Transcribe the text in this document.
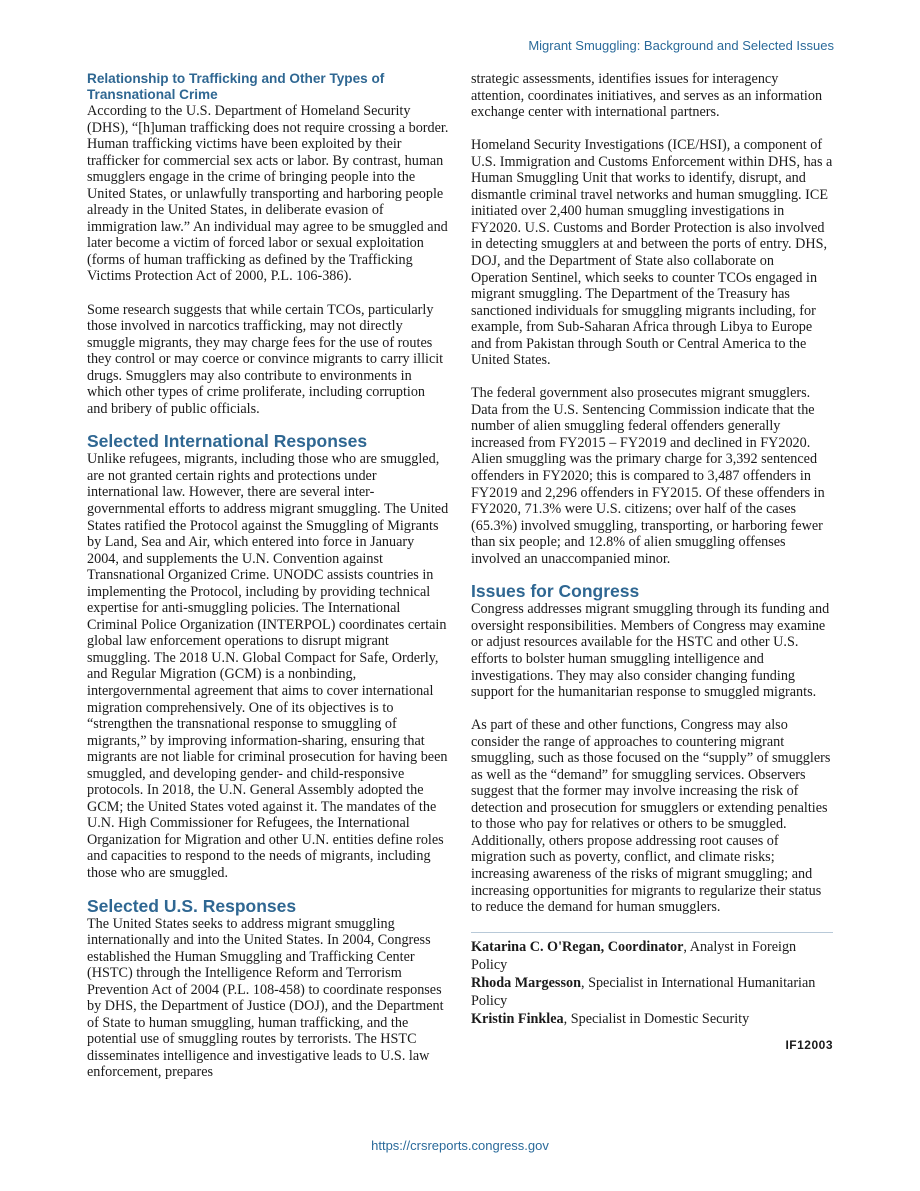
Migrant Smuggling: Background and Selected Issues
Relationship to Trafficking and Other Types of Transnational Crime

According to the U.S. Department of Homeland Security (DHS), “[h]uman trafficking does not require crossing a border. Human trafficking victims have been exploited by their trafficker for commercial sex acts or labor. By contrast, human smugglers engage in the crime of bringing people into the United States, or unlawfully transporting and harboring people already in the United States, in deliberate evasion of immigration law.” An individual may agree to be smuggled and later become a victim of forced labor or sexual exploitation (forms of human trafficking as defined by the Trafficking Victims Protection Act of 2000, P.L. 106-386).

Some research suggests that while certain TCOs, particularly those involved in narcotics trafficking, may not directly smuggle migrants, they may charge fees for the use of routes they control or may coerce or convince migrants to carry illicit drugs. Smugglers may also contribute to environments in which other types of crime proliferate, including corruption and bribery of public officials.

Selected International Responses

Unlike refugees, migrants, including those who are smuggled, are not granted certain rights and protections under international law. However, there are several inter-governmental efforts to address migrant smuggling. The United States ratified the Protocol against the Smuggling of Migrants by Land, Sea and Air, which entered into force in January 2004, and supplements the U.N. Convention against Transnational Organized Crime. UNODC assists countries in implementing the Protocol, including by providing technical expertise for anti-smuggling policies. The International Criminal Police Organization (INTERPOL) coordinates certain global law enforcement operations to disrupt migrant smuggling. The 2018 U.N. Global Compact for Safe, Orderly, and Regular Migration (GCM) is a nonbinding, intergovernmental agreement that aims to cover international migration comprehensively. One of its objectives is to “strengthen the transnational response to smuggling of migrants,” by improving information-sharing, ensuring that migrants are not liable for criminal prosecution for having been smuggled, and developing gender- and child-responsive protocols. In 2018, the U.N. General Assembly adopted the GCM; the United States voted against it. The mandates of the U.N. High Commissioner for Refugees, the International Organization for Migration and other U.N. entities define roles and capacities to respond to the needs of migrants, including those who are smuggled.

Selected U.S. Responses

The United States seeks to address migrant smuggling internationally and into the United States. In 2004, Congress established the Human Smuggling and Trafficking Center (HSTC) through the Intelligence Reform and Terrorism Prevention Act of 2004 (P.L. 108-458) to coordinate responses by DHS, the Department of Justice (DOJ), and the Department of State to human smuggling, human trafficking, and the potential use of smuggling routes by terrorists. The HSTC disseminates intelligence and investigative leads to U.S. law enforcement, prepares

strategic assessments, identifies issues for interagency attention, coordinates initiatives, and serves as an information exchange center with international partners.

Homeland Security Investigations (ICE/HSI), a component of U.S. Immigration and Customs Enforcement within DHS, has a Human Smuggling Unit that works to identify, disrupt, and dismantle criminal travel networks and human smuggling. ICE initiated over 2,400 human smuggling investigations in FY2020. U.S. Customs and Border Protection is also involved in detecting smugglers at and between the ports of entry. DHS, DOJ, and the Department of State also collaborate on Operation Sentinel, which seeks to counter TCOs engaged in migrant smuggling. The Department of the Treasury has sanctioned individuals for smuggling migrants including, for example, from Sub-Saharan Africa through Libya to Europe and from Pakistan through South or Central America to the United States.

The federal government also prosecutes migrant smugglers. Data from the U.S. Sentencing Commission indicate that the number of alien smuggling federal offenders generally increased from FY2015 – FY2019 and declined in FY2020. Alien smuggling was the primary charge for 3,392 sentenced offenders in FY2020; this is compared to 3,487 offenders in FY2019 and 2,296 offenders in FY2015. Of these offenders in FY2020, 71.3% were U.S. citizens; over half of the cases (65.3%) involved smuggling, transporting, or harboring fewer than six people; and 12.8% of alien smuggling offenses involved an unaccompanied minor.

Issues for Congress

Congress addresses migrant smuggling through its funding and oversight responsibilities. Members of Congress may examine or adjust resources available for the HSTC and other U.S. efforts to bolster human smuggling intelligence and investigations. They may also consider changing funding support for the humanitarian response to smuggled migrants.

As part of these and other functions, Congress may also consider the range of approaches to countering migrant smuggling, such as those focused on the “supply” of smugglers as well as the “demand” for smuggling services. Observers suggest that the former may involve increasing the risk of detection and prosecution for smugglers or extending penalties to those who pay for relatives or others to be smuggled. Additionally, others propose addressing root causes of migration such as poverty, conflict, and climate risks; increasing awareness of the risks of migrant smuggling; and increasing opportunities for migrants to regularize their status to reduce the demand for human smugglers.

Katarina C. O'Regan, Coordinator, Analyst in Foreign Policy
Rhoda Margesson, Specialist in International Humanitarian Policy
Kristin Finklea, Specialist in Domestic Security
IF12003
https://crsreports.congress.gov
